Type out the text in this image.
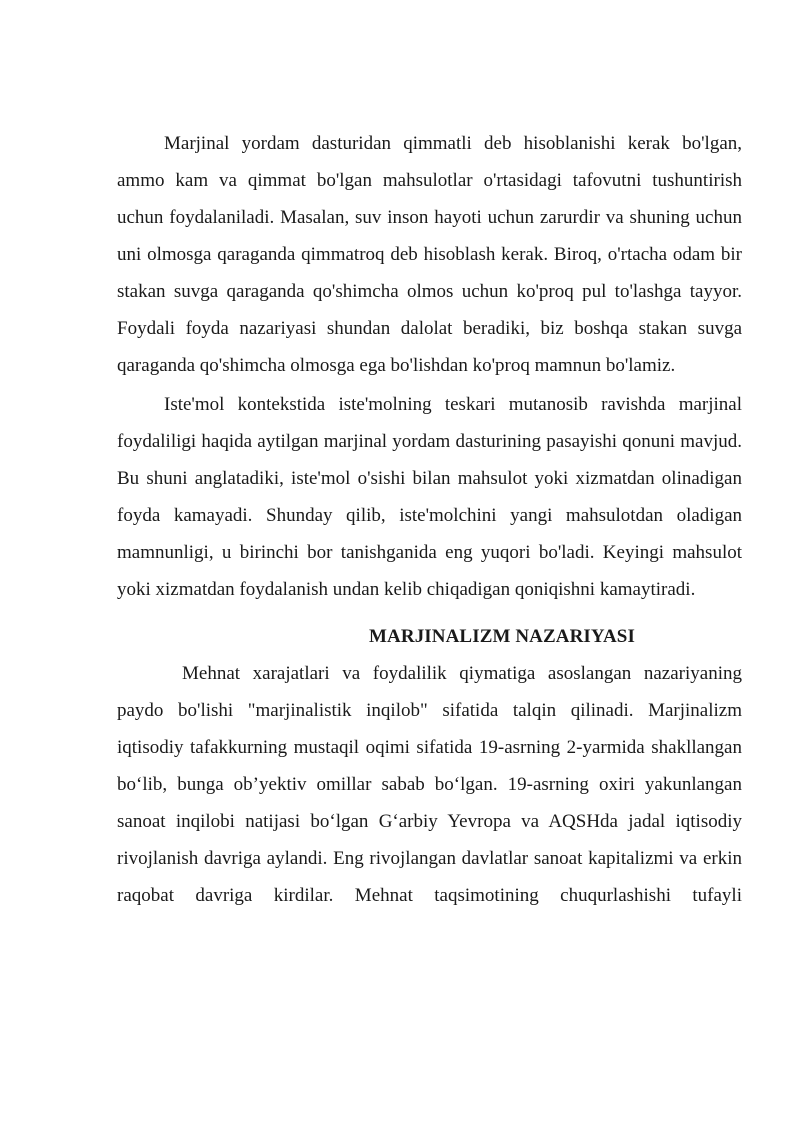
Marjinal yordam dasturidan qimmatli deb hisoblanishi kerak bo'lgan, ammo kam va qimmat bo'lgan mahsulotlar o'rtasidagi tafovutni tushuntirish uchun foydalaniladi. Masalan, suv inson hayoti uchun zarurdir va shuning uchun uni olmosga qaraganda qimmatroq deb hisoblash kerak. Biroq, o'rtacha odam bir stakan suvga qaraganda qo'shimcha olmos uchun ko'proq pul to'lashga tayyor. Foydali foyda nazariyasi shundan dalolat beradiki, biz boshqa stakan suvga qaraganda qo'shimcha olmosga ega bo'lishdan ko'proq mamnun bo'lamiz.

Iste'mol kontekstida iste'molning teskari mutanosib ravishda marjinal foydaliligi haqida aytilgan marjinal yordam dasturining pasayishi qonuni mavjud. Bu shuni anglatadiki, iste'mol o'sishi bilan mahsulot yoki xizmatdan olinadigan foyda kamayadi. Shunday qilib, iste'molchini yangi mahsulotdan oladigan mamnunligi, u birinchi bor tanishganida eng yuqori bo'ladi. Keyingi mahsulot yoki xizmatdan foydalanish undan kelib chiqadigan qoniqishni kamaytiradi.

MARJINALIZM NAZARIYASI

Mehnat xarajatlari va foydalilik qiymatiga asoslangan nazariyaning paydo bo'lishi "marjinalistik inqilob" sifatida talqin qilinadi. Marjinalizm iqtisodiy tafakkurning mustaqil oqimi sifatida 19-asrning 2-yarmida shakllangan bo‘lib, bunga ob’yektiv omillar sabab bo‘lgan. 19-asrning oxiri yakunlangan sanoat inqilobi natijasi bo‘lgan G‘arbiy Yevropa va AQSHda jadal iqtisodiy rivojlanish davriga aylandi. Eng rivojlangan davlatlar sanoat kapitalizmi va erkin raqobat davriga kirdilar. Mehnat taqsimotining chuqurlashishi tufayli
